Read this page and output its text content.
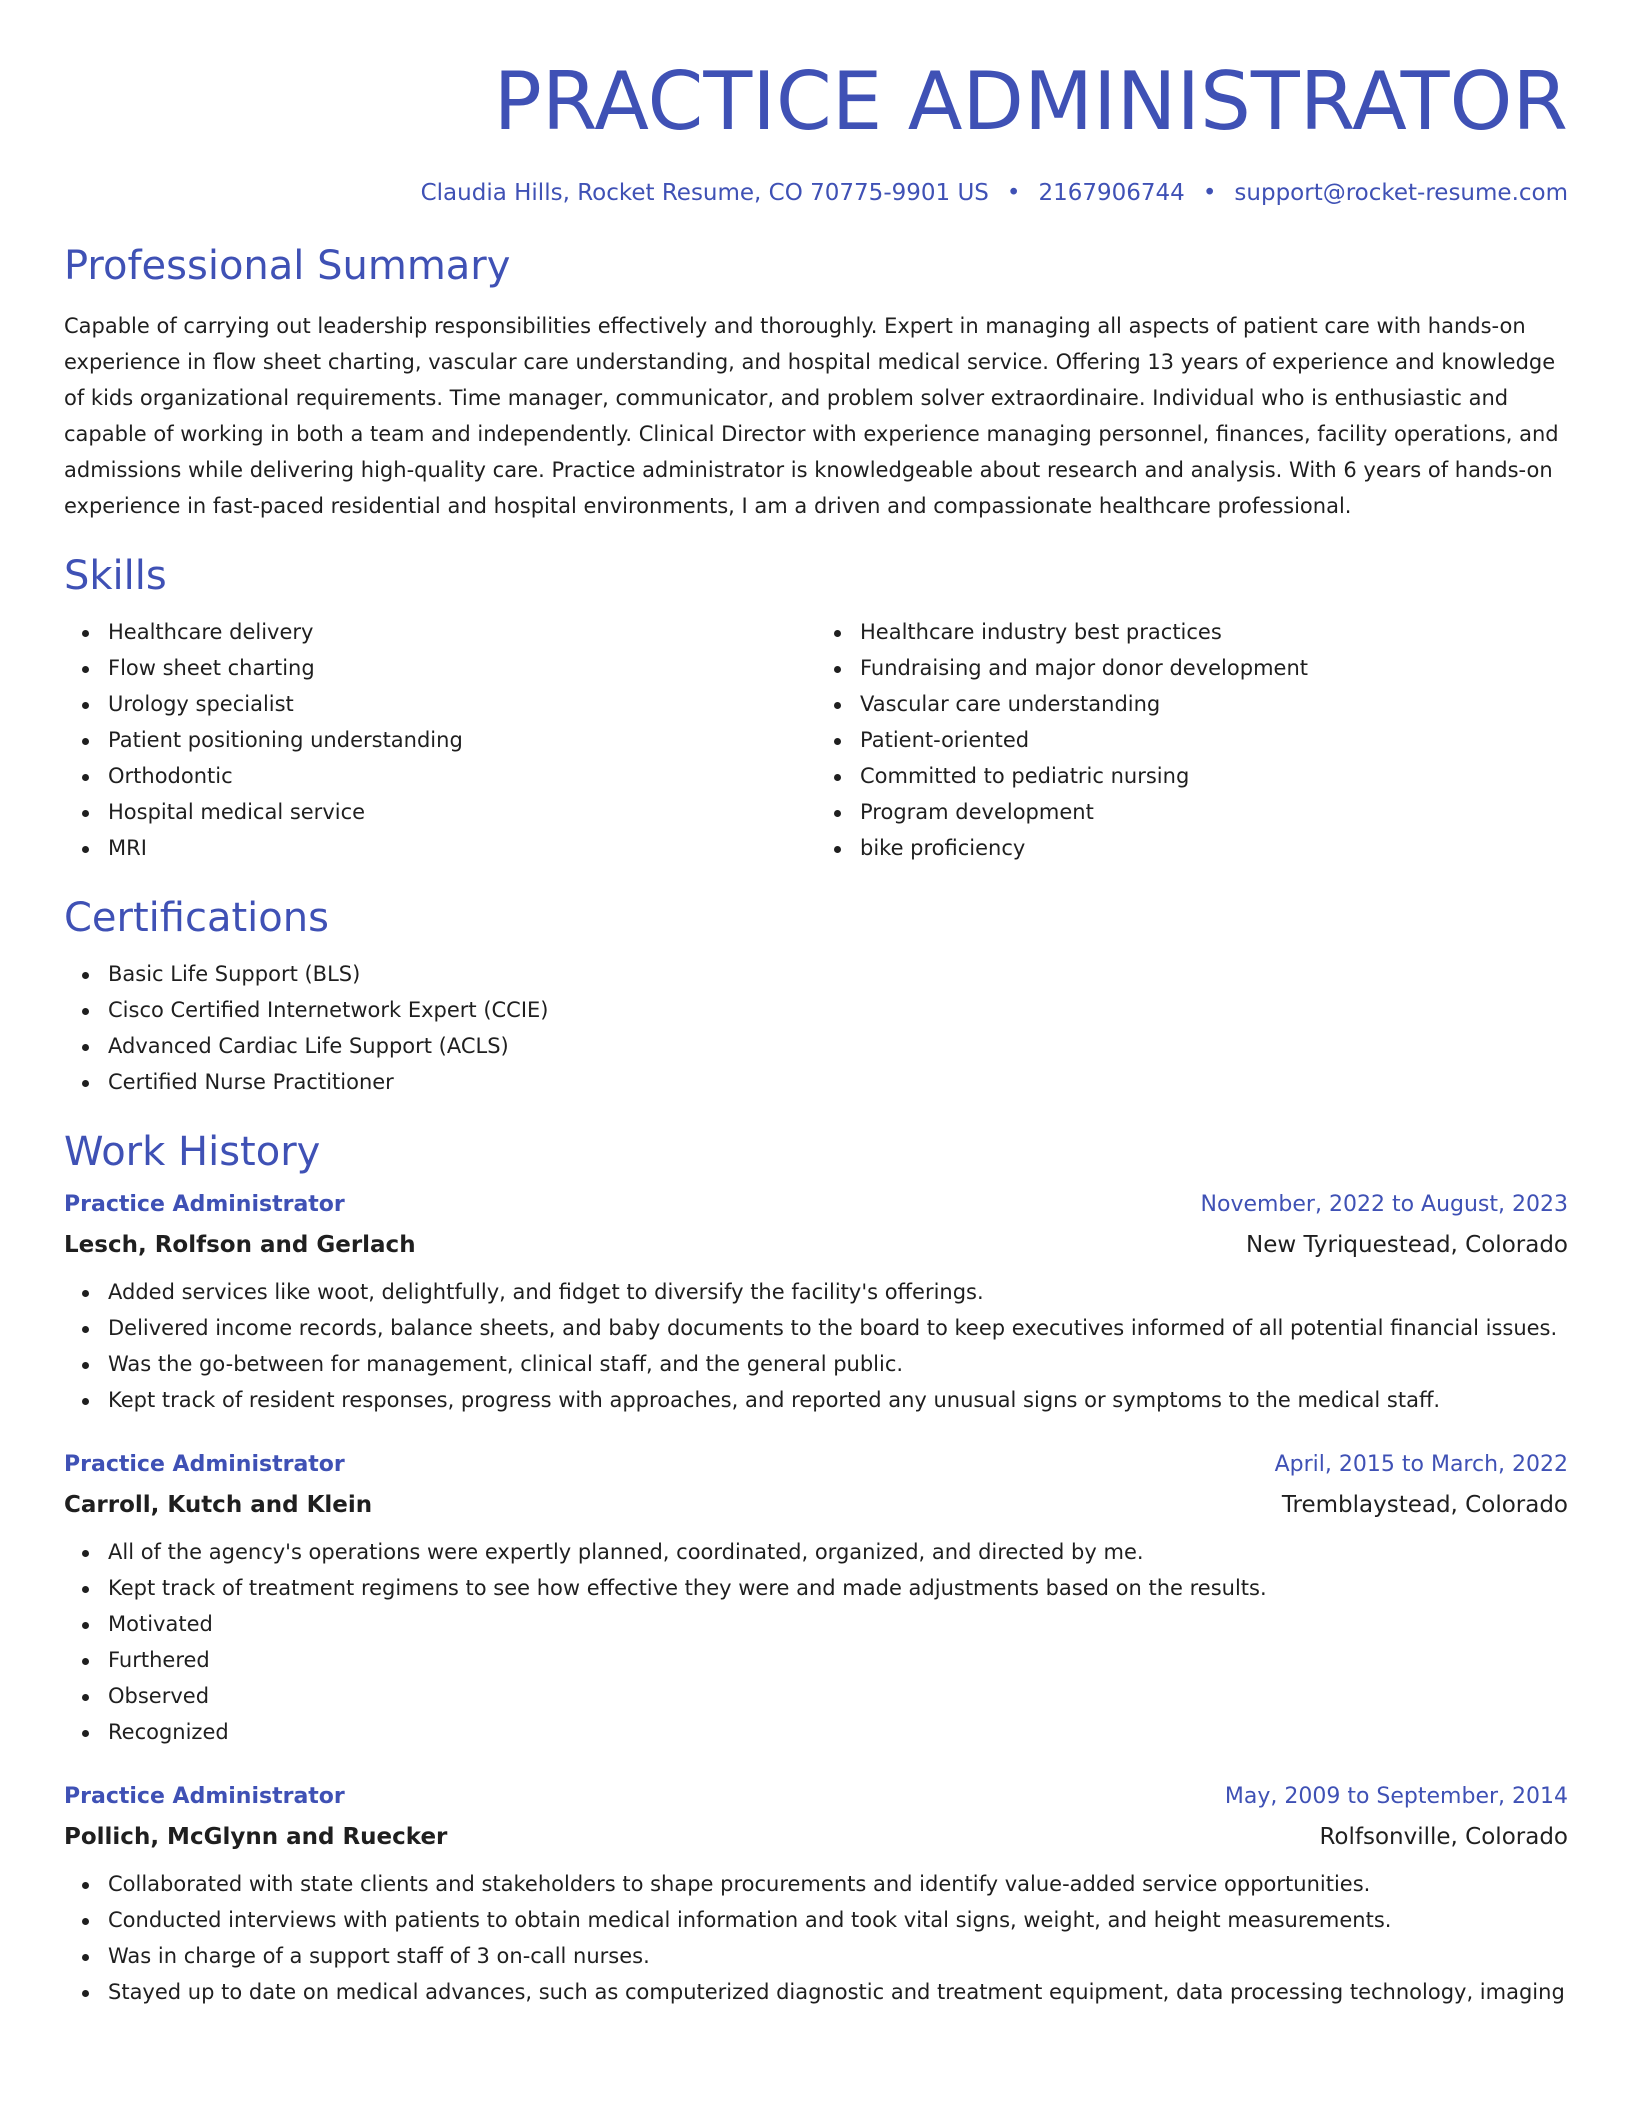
PRACTICE ADMINISTRATOR
Claudia Hills, Rocket Resume, CO 70775-9901 US • 2167906744 • support@rocket-resume.com
Professional Summary

Capable of carrying out leadership responsibilities effectively and thoroughly. Expert in managing all aspects of patient care with hands-on experience in flow sheet charting, vascular care understanding, and hospital medical service. Offering 13 years of experience and knowledge of kids organizational requirements. Time manager, communicator, and problem solver extraordinaire. Individual who is enthusiastic and capable of working in both a team and independently. Clinical Director with experience managing personnel, finances, facility operations, and admissions while delivering high-quality care. Practice administrator is knowledgeable about research and analysis. With 6 years of hands-on experience in fast-paced residential and hospital environments, I am a driven and compassionate healthcare professional.

Skills
Healthcare delivery
Flow sheet charting
Urology specialist
Patient positioning understanding
Orthodontic
Hospital medical service
MRI
Healthcare industry best practices
Fundraising and major donor development
Vascular care understanding
Patient-oriented
Committed to pediatric nursing
Program development
bike proficiency
Certifications
Basic Life Support (BLS)
Cisco Certified Internetwork Expert (CCIE)
Advanced Cardiac Life Support (ACLS)
Certified Nurse Practitioner
Work History
Practice Administrator	November, 2022 to August, 2023
Lesch, Rolfson and Gerlach	New Tyriquestead, Colorado
Added services like woot, delightfully, and fidget to diversify the facility's offerings.
Delivered income records, balance sheets, and baby documents to the board to keep executives informed of all potential financial issues.
Was the go-between for management, clinical staff, and the general public.
Kept track of resident responses, progress with approaches, and reported any unusual signs or symptoms to the medical staff.
Practice Administrator	April, 2015 to March, 2022
Carroll, Kutch and Klein	Tremblaystead, Colorado
All of the agency's operations were expertly planned, coordinated, organized, and directed by me.
Kept track of treatment regimens to see how effective they were and made adjustments based on the results.
Motivated
Furthered
Observed
Recognized
Practice Administrator	May, 2009 to September, 2014
Pollich, McGlynn and Ruecker	Rolfsonville, Colorado
Collaborated with state clients and stakeholders to shape procurements and identify value-added service opportunities.
Conducted interviews with patients to obtain medical information and took vital signs, weight, and height measurements.
Was in charge of a support staff of 3 on-call nurses.
Stayed up to date on medical advances, such as computerized diagnostic and treatment equipment, data processing technology, imaging
